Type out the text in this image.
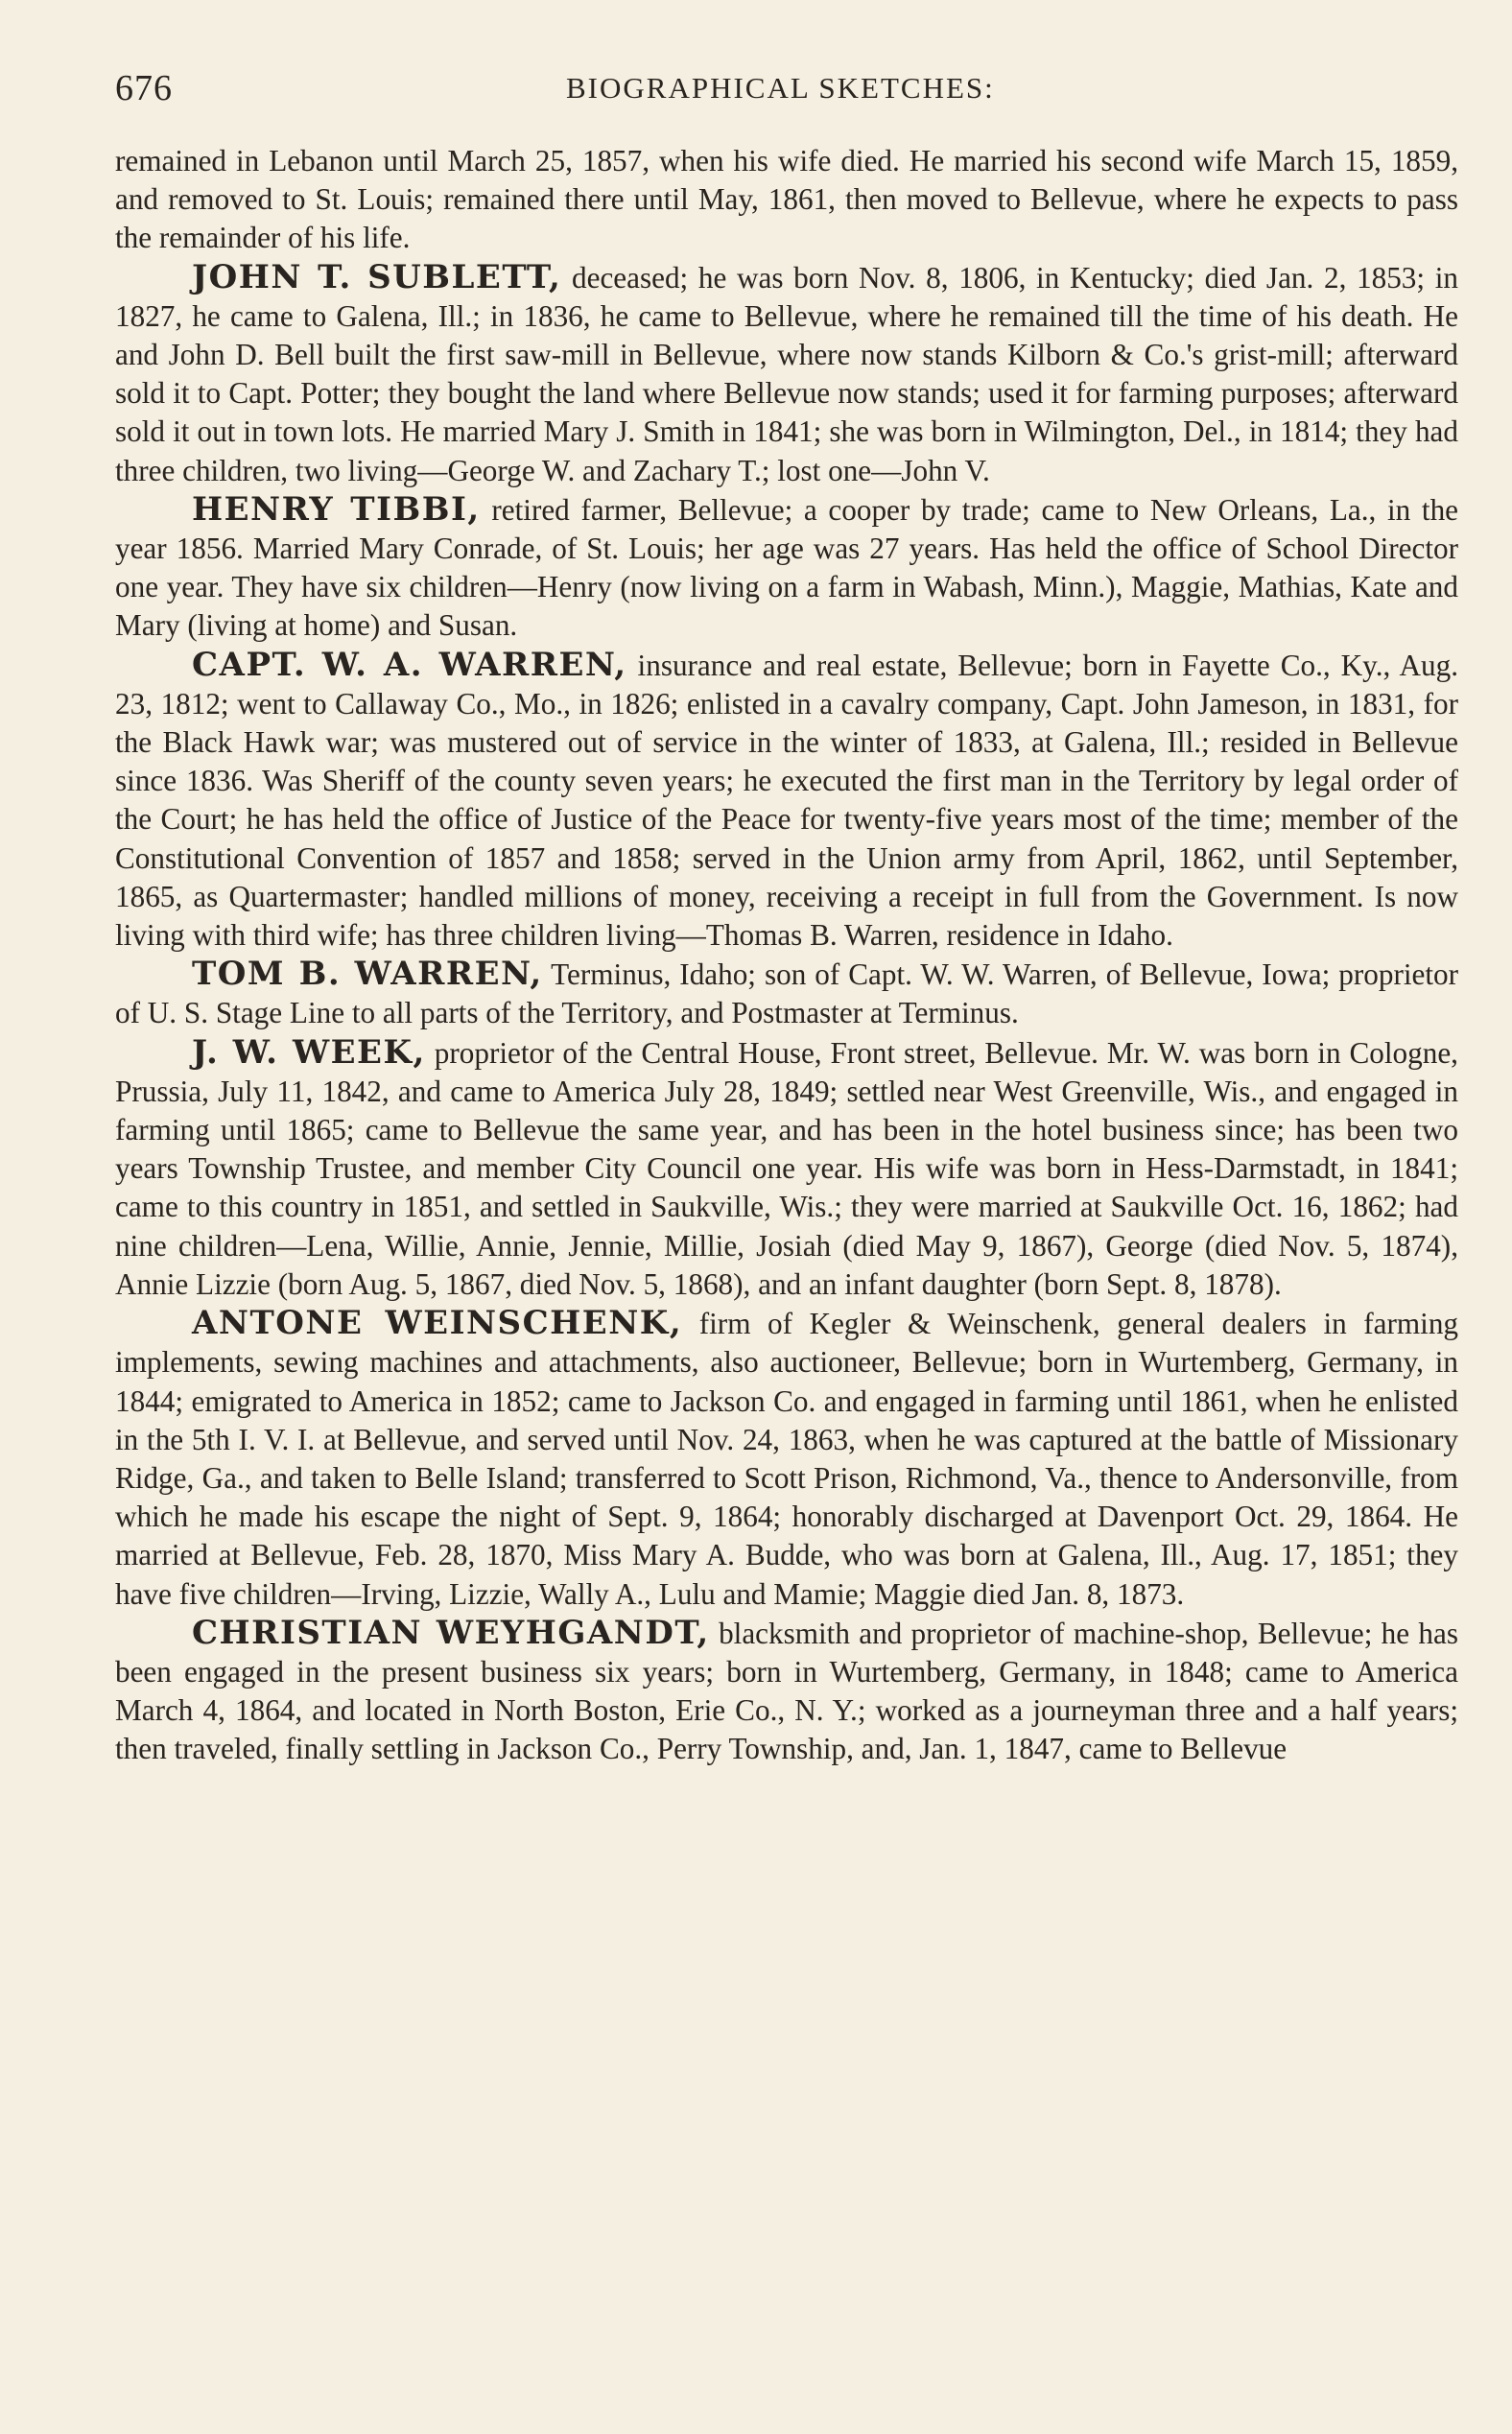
676	BIOGRAPHICAL SKETCHES:

remained in Lebanon until March 25, 1857, when his wife died. He married his second wife March 15, 1859, and removed to St. Louis; remained there until May, 1861, then moved to Bellevue, where he expects to pass the remainder of his life.

JOHN T. SUBLETT, deceased; he was born Nov. 8, 1806, in Kentucky; died Jan. 2, 1853; in 1827, he came to Galena, Ill.; in 1836, he came to Bellevue, where he remained till the time of his death. He and John D. Bell built the first saw-mill in Bellevue, where now stands Kilborn & Co.'s grist-mill; afterward sold it to Capt. Potter; they bought the land where Bellevue now stands; used it for farming purposes; afterward sold it out in town lots. He married Mary J. Smith in 1841; she was born in Wilmington, Del., in 1814; they had three children, two living—George W. and Zachary T.; lost one—John V.

HENRY TIBBI, retired farmer, Bellevue; a cooper by trade; came to New Orleans, La., in the year 1856. Married Mary Conrade, of St. Louis; her age was 27 years. Has held the office of School Director one year. They have six children—Henry (now living on a farm in Wabash, Minn.), Maggie, Mathias, Kate and Mary (living at home) and Susan.

CAPT. W. A. WARREN, insurance and real estate, Bellevue; born in Fayette Co., Ky., Aug. 23, 1812; went to Callaway Co., Mo., in 1826; enlisted in a cavalry company, Capt. John Jameson, in 1831, for the Black Hawk war; was mustered out of service in the winter of 1833, at Galena, Ill.; resided in Bellevue since 1836. Was Sheriff of the county seven years; he executed the first man in the Territory by legal order of the Court; he has held the office of Justice of the Peace for twenty-five years most of the time; member of the Constitutional Convention of 1857 and 1858; served in the Union army from April, 1862, until September, 1865, as Quartermaster; handled millions of money, receiving a receipt in full from the Government. Is now living with third wife; has three children living—Thomas B. Warren, residence in Idaho.

TOM B. WARREN, Terminus, Idaho; son of Capt. W. W. Warren, of Bellevue, Iowa; proprietor of U. S. Stage Line to all parts of the Territory, and Postmaster at Terminus.

J. W. WEEK, proprietor of the Central House, Front street, Bellevue. Mr. W. was born in Cologne, Prussia, July 11, 1842, and came to America July 28, 1849; settled near West Greenville, Wis., and engaged in farming until 1865; came to Bellevue the same year, and has been in the hotel business since; has been two years Township Trustee, and member City Council one year. His wife was born in Hess-Darmstadt, in 1841; came to this country in 1851, and settled in Saukville, Wis.; they were married at Saukville Oct. 16, 1862; had nine children—Lena, Willie, Annie, Jennie, Millie, Josiah (died May 9, 1867), George (died Nov. 5, 1874), Annie Lizzie (born Aug. 5, 1867, died Nov. 5, 1868), and an infant daughter (born Sept. 8, 1878).

ANTONE WEINSCHENK, firm of Kegler & Weinschenk, general dealers in farming implements, sewing machines and attachments, also auctioneer, Bellevue; born in Wurtemberg, Germany, in 1844; emigrated to America in 1852; came to Jackson Co. and engaged in farming until 1861, when he enlisted in the 5th I. V. I. at Bellevue, and served until Nov. 24, 1863, when he was captured at the battle of Missionary Ridge, Ga., and taken to Belle Island; transferred to Scott Prison, Richmond, Va., thence to Andersonville, from which he made his escape the night of Sept. 9, 1864; honorably discharged at Davenport Oct. 29, 1864. He married at Bellevue, Feb. 28, 1870, Miss Mary A. Budde, who was born at Galena, Ill., Aug. 17, 1851; they have five children—Irving, Lizzie, Wally A., Lulu and Mamie; Maggie died Jan. 8, 1873.

CHRISTIAN WEYHGANDT, blacksmith and proprietor of machine-shop, Bellevue; he has been engaged in the present business six years; born in Wurtemberg, Germany, in 1848; came to America March 4, 1864, and located in North Boston, Erie Co., N. Y.; worked as a journeyman three and a half years; then traveled, finally settling in Jackson Co., Perry Township, and, Jan. 1, 1847, came to Bellevue
